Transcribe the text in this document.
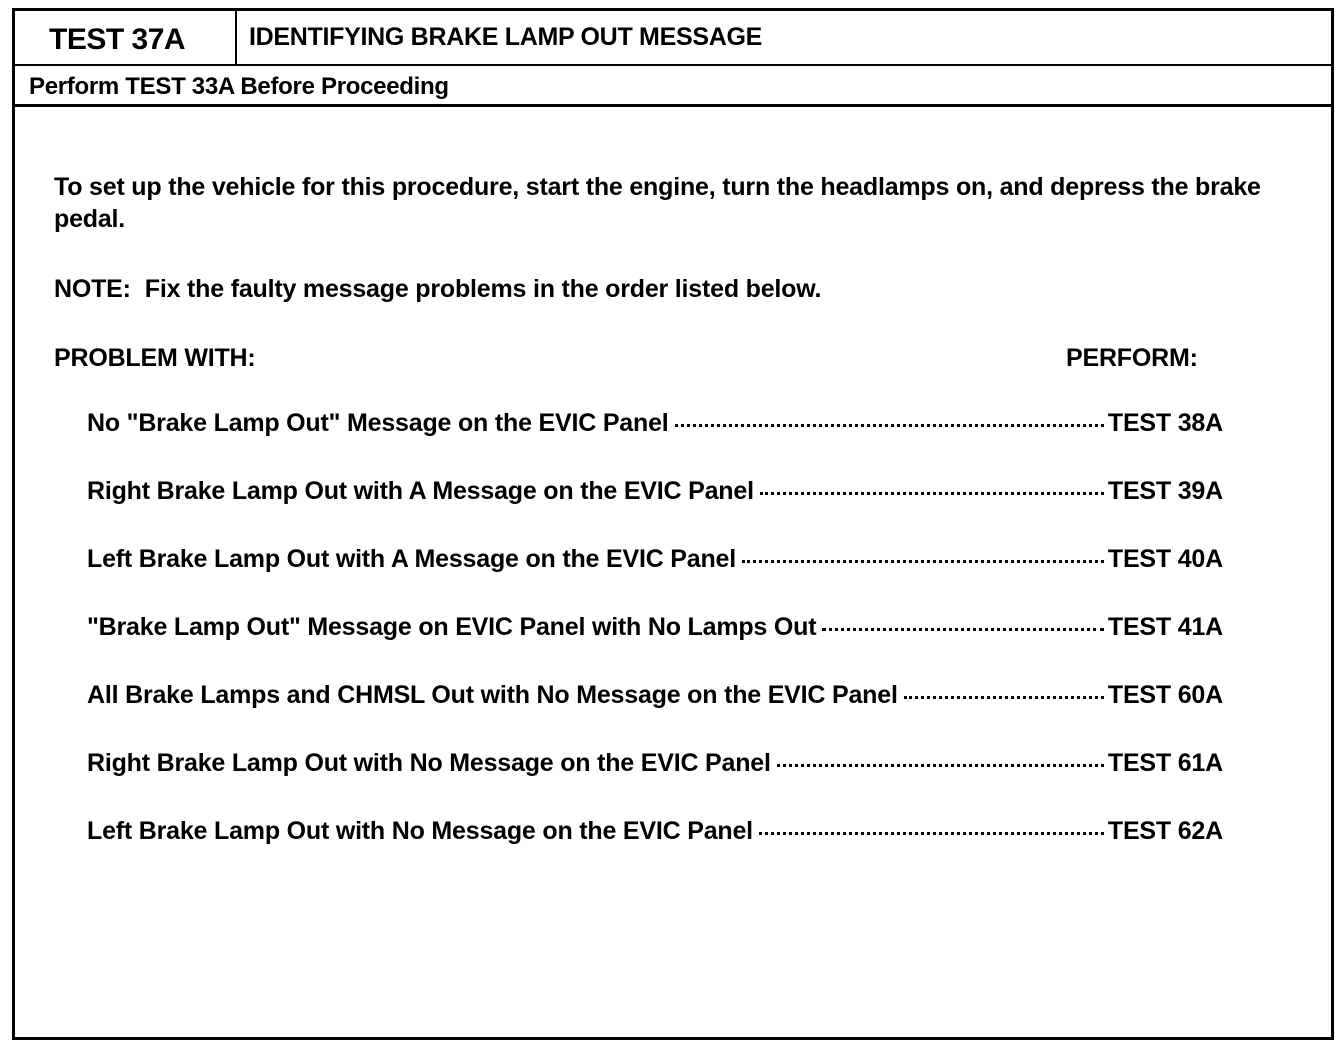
TEST 37A	IDENTIFYING BRAKE LAMP OUT MESSAGE
Perform TEST 33A Before Proceeding
To set up the vehicle for this procedure, start the engine, turn the headlamps on, and depress the brake pedal.
NOTE: Fix the faulty message problems in the order listed below.
PROBLEM WITH:	PERFORM:
No "Brake Lamp Out" Message on the EVIC Panel	TEST 38A
Right Brake Lamp Out with A Message on the EVIC Panel	TEST 39A
Left Brake Lamp Out with A Message on the EVIC Panel	TEST 40A
"Brake Lamp Out" Message on EVIC Panel with No Lamps Out	TEST 41A
All Brake Lamps and CHMSL Out with No Message on the EVIC Panel	TEST 60A
Right Brake Lamp Out with No Message on the EVIC Panel	TEST 61A
Left Brake Lamp Out with No Message on the EVIC Panel	TEST 62A
